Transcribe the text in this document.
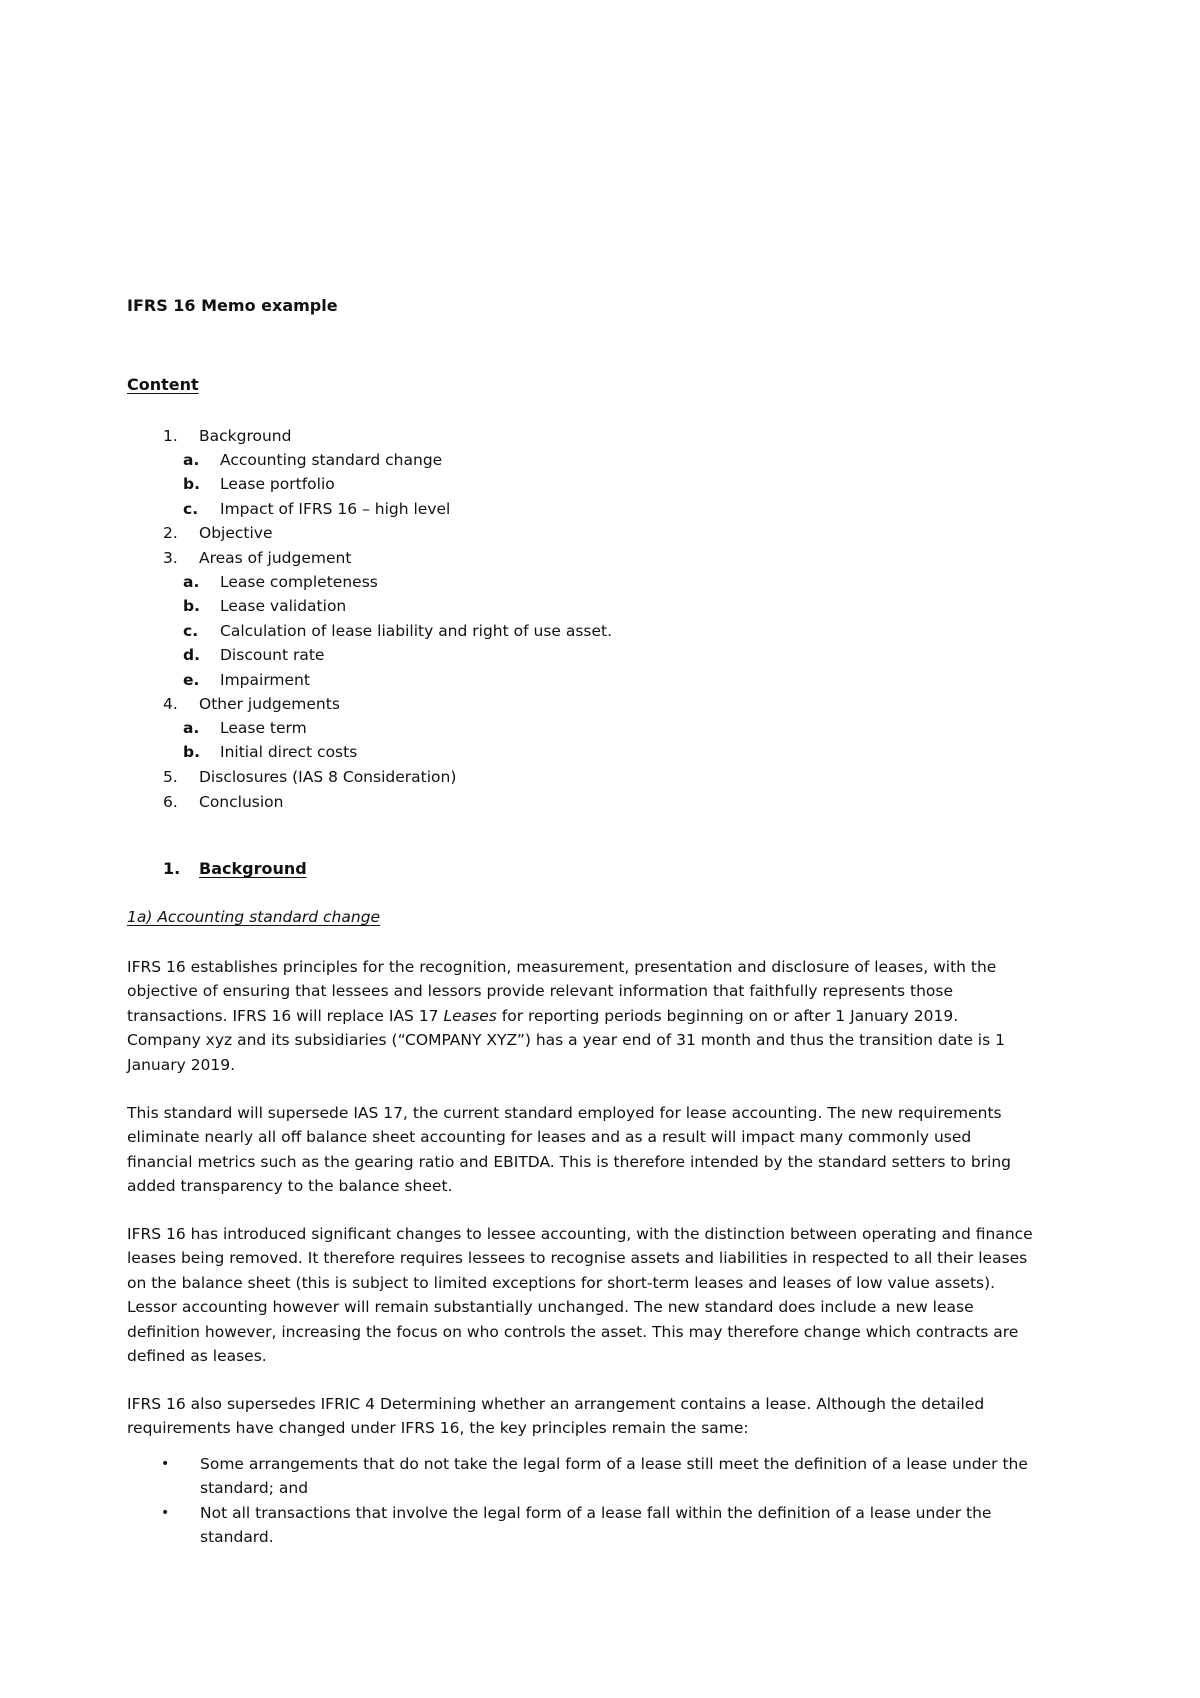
IFRS 16 Memo example
Content
1. Background
a. Accounting standard change
b. Lease portfolio
c. Impact of IFRS 16 – high level
2. Objective
3. Areas of judgement
a. Lease completeness
b. Lease validation
c. Calculation of lease liability and right of use asset.
d. Discount rate
e. Impairment
4. Other judgements
a. Lease term
b. Initial direct costs
5. Disclosures (IAS 8 Consideration)
6. Conclusion
1. Background
1a) Accounting standard change

IFRS 16 establishes principles for the recognition, measurement, presentation and disclosure of leases, with the
objective of ensuring that lessees and lessors provide relevant information that faithfully represents those
transactions. IFRS 16 will replace IAS 17 Leases for reporting periods beginning on or after 1 January 2019.
Company xyz and its subsidiaries (“COMPANY XYZ”) has a year end of 31 month and thus the transition date is 1
January 2019.

This standard will supersede IAS 17, the current standard employed for lease accounting. The new requirements
eliminate nearly all off balance sheet accounting for leases and as a result will impact many commonly used
financial metrics such as the gearing ratio and EBITDA. This is therefore intended by the standard setters to bring
added transparency to the balance sheet.

IFRS 16 has introduced significant changes to lessee accounting, with the distinction between operating and finance
leases being removed. It therefore requires lessees to recognise assets and liabilities in respected to all their leases
on the balance sheet (this is subject to limited exceptions for short-term leases and leases of low value assets).
Lessor accounting however will remain substantially unchanged. The new standard does include a new lease
definition however, increasing the focus on who controls the asset. This may therefore change which contracts are
defined as leases.

IFRS 16 also supersedes IFRIC 4 Determining whether an arrangement contains a lease. Although the detailed
requirements have changed under IFRS 16, the key principles remain the same:

• Some arrangements that do not take the legal form of a lease still meet the definition of a lease under the
standard; and
• Not all transactions that involve the legal form of a lease fall within the definition of a lease under the
standard.
